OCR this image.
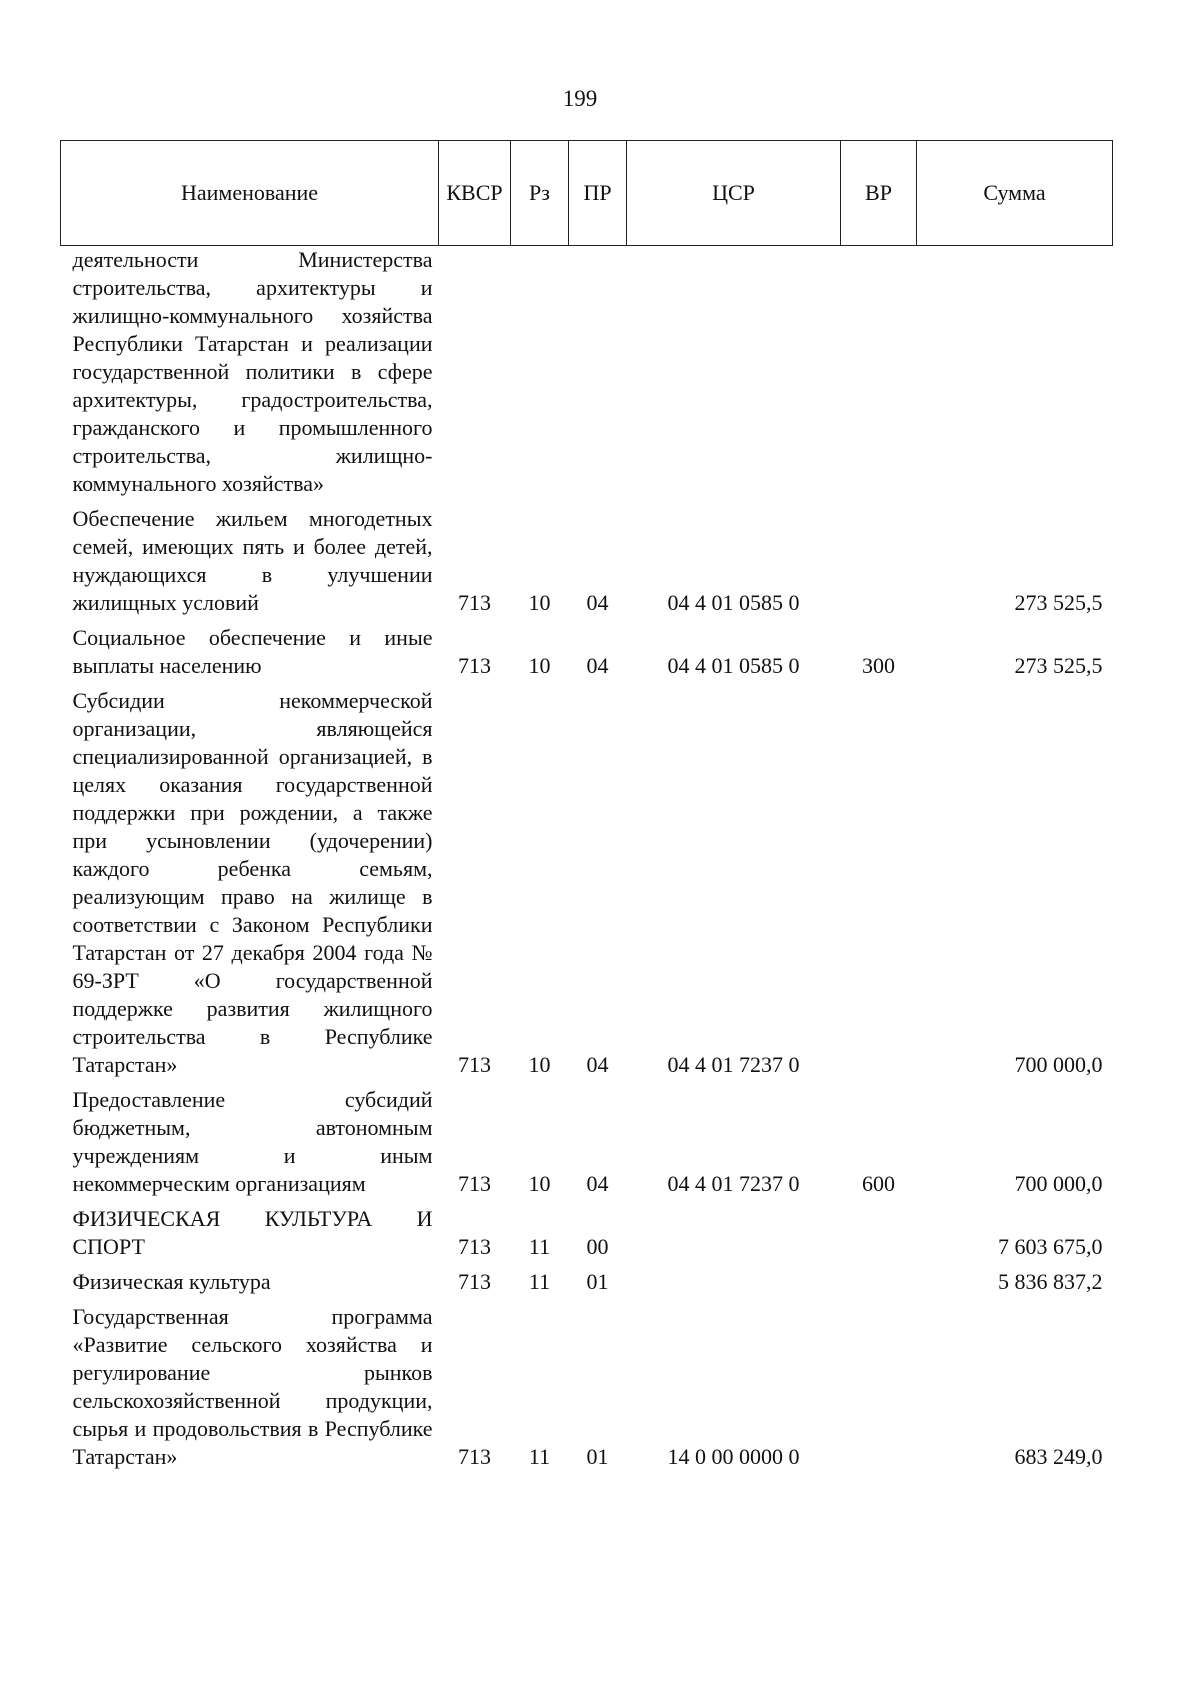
199
Наименование	КВСР	Рз	ПР	ЦСР	ВР	Сумма
деятельности Министерства строительства, архитектуры и жилищно-коммунального хозяйства Республики Татарстан и реализации государственной политики в сфере архитектуры, градостроительства, гражданского и промышленного строительства, жилищно-коммунального хозяйства»						

Обеспечение жильем многодетных семей, имеющих пять и более детей, нуждающихся в улучшении жилищных условий	713	10	04	04 4 01 0585 0		273 525,5

Социальное обеспечение и иные выплаты населению	713	10	04	04 4 01 0585 0	300	273 525,5

Субсидии некоммерческой организации, являющейся специализированной организацией, в целях оказания государственной поддержки при рождении, а также при усыновлении (удочерении) каждого ребенка семьям, реализующим право на жилище в соответствии с Законом Республики Татарстан от 27 декабря 2004 года № 69-ЗРТ «О государственной поддержке развития жилищного строительства в Республике Татарстан»	713	10	04	04 4 01 7237 0		700 000,0

Предоставление субсидий бюджетным, автономным учреждениям и иным некоммерческим организациям	713	10	04	04 4 01 7237 0	600	700 000,0

ФИЗИЧЕСКАЯ КУЛЬТУРА И СПОРТ	713	11	00			7 603 675,0

Физическая культура	713	11	01			5 836 837,2

Государственная программа «Развитие сельского хозяйства и регулирование рынков сельскохозяйственной продукции, сырья и продовольствия в Республике Татарстан»	713	11	01	14 0 00 0000 0		683 249,0
